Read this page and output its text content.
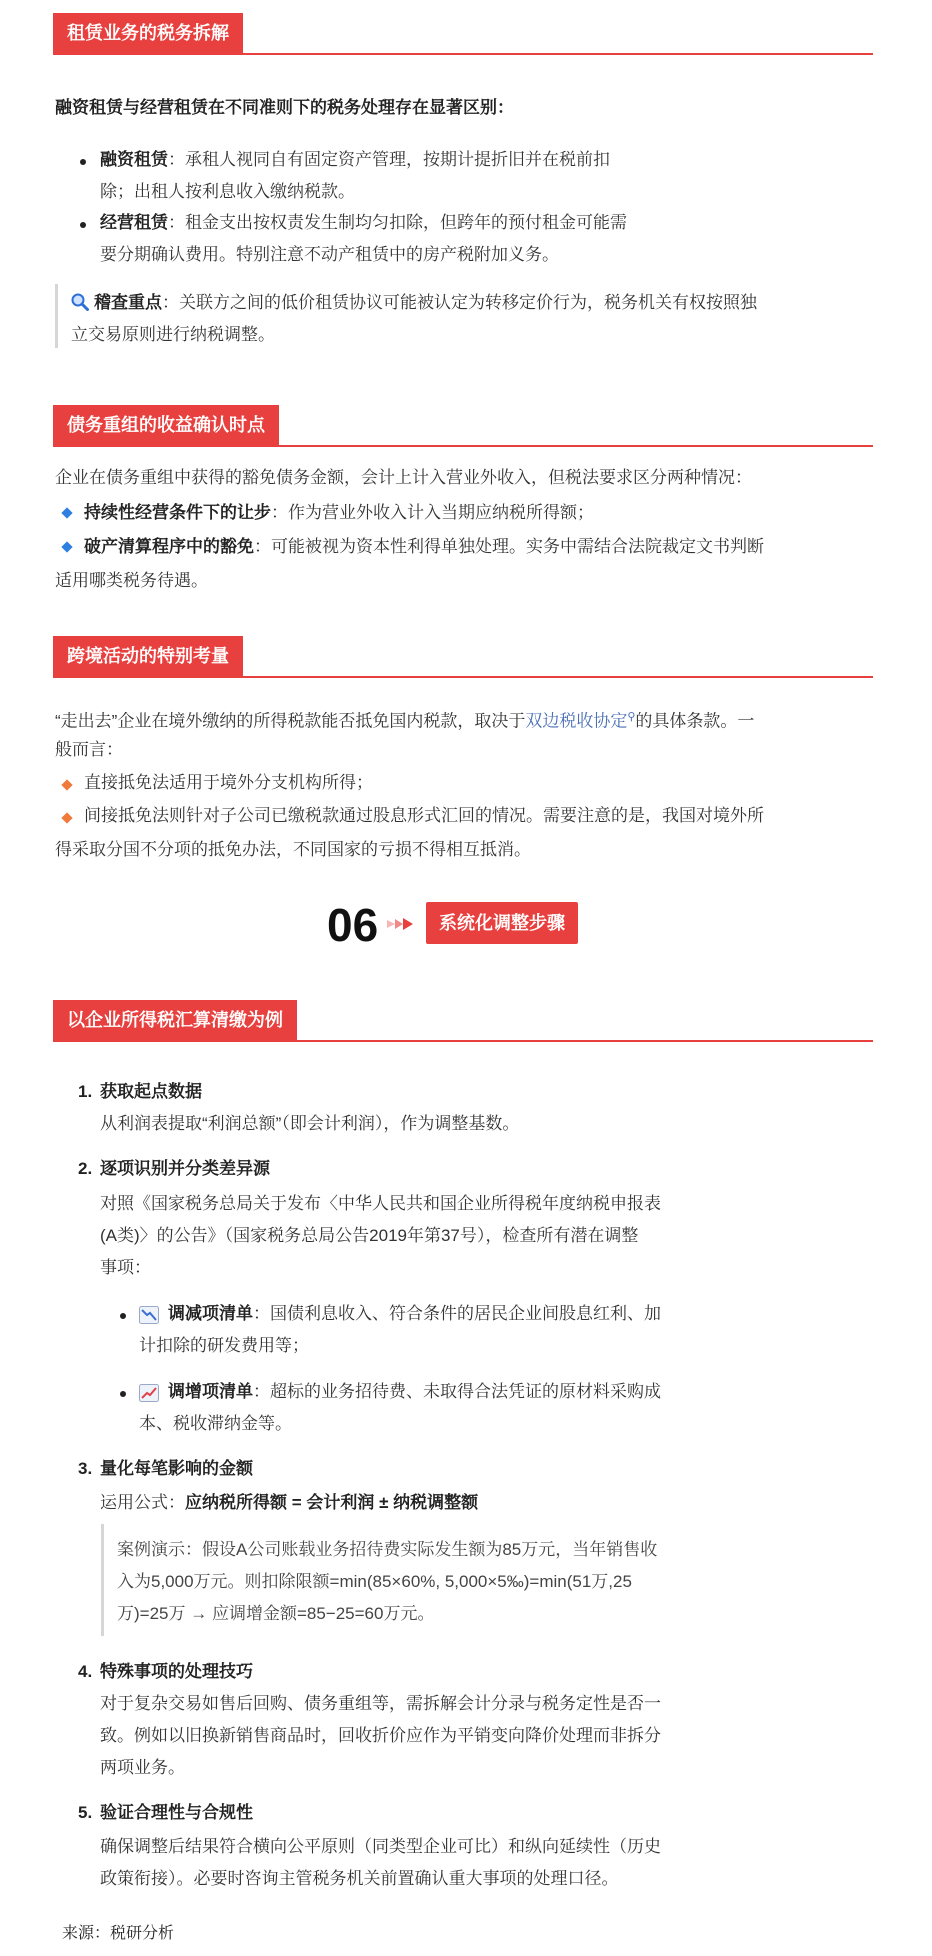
租赁业务的税务拆解
融资租赁与经营租赁在不同准则下的税务处理存在显著区别：
融资租赁：承租人视同自有固定资产管理，按期计提折旧并在税前扣
除；出租人按利息收入缴纳税款。
经营租赁：租金支出按权责发生制均匀扣除，但跨年的预付租金可能需
要分期确认费用。特别注意不动产租赁中的房产税附加义务。
稽查重点：关联方之间的低价租赁协议可能被认定为转移定价行为，税务机关有权按照独
立交易原则进行纳税调整。
债务重组的收益确认时点
企业在债务重组中获得的豁免债务金额，会计上计入营业外收入，但税法要求区分两种情况：
持续性经营条件下的让步：作为营业外收入计入当期应纳税所得额；
破产清算程序中的豁免：可能被视为资本性利得单独处理。实务中需结合法院裁定文书判断
适用哪类税务待遇。
跨境活动的特别考量
“走出去”企业在境外缴纳的所得税款能否抵免国内税款，取决于双边税收协定⚲的具体条款。一
般而言：
直接抵免法适用于境外分支机构所得；
间接抵免法则针对子公司已缴税款通过股息形式汇回的情况。需要注意的是，我国对境外所
得采取分国不分项的抵免办法，不同国家的亏损不得相互抵消。
06	系统化调整步骤
以企业所得税汇算清缴为例
1. 获取起点数据
从利润表提取“利润总额”（即会计利润），作为调整基数。
2. 逐项识别并分类差异源
对照《国家税务总局关于发布〈中华人民共和国企业所得税年度纳税申报表
(A类)〉的公告》（国家税务总局公告2019年第37号），检查所有潜在调整
事项：
调减项清单：国债利息收入、符合条件的居民企业间股息红利、加
计扣除的研发费用等；
调增项清单：超标的业务招待费、未取得合法凭证的原材料采购成
本、税收滞纳金等。
3. 量化每笔影响的金额
运用公式：应纳税所得额 = 会计利润 ± 纳税调整额
案例演示：假设A公司账载业务招待费实际发生额为85万元，当年销售收
入为5,000万元。则扣除限额=min(85×60%, 5,000×5‰)=min(51万,25
万)=25万 → 应调增金额=85−25=60万元。
4. 特殊事项的处理技巧
对于复杂交易如售后回购、债务重组等，需拆解会计分录与税务定性是否一
致。例如以旧换新销售商品时，回收折价应作为平销变向降价处理而非拆分
两项业务。
5. 验证合理性与合规性
确保调整后结果符合横向公平原则（同类型企业可比）和纵向延续性（历史
政策衔接）。必要时咨询主管税务机关前置确认重大事项的处理口径。
来源：税研分析
